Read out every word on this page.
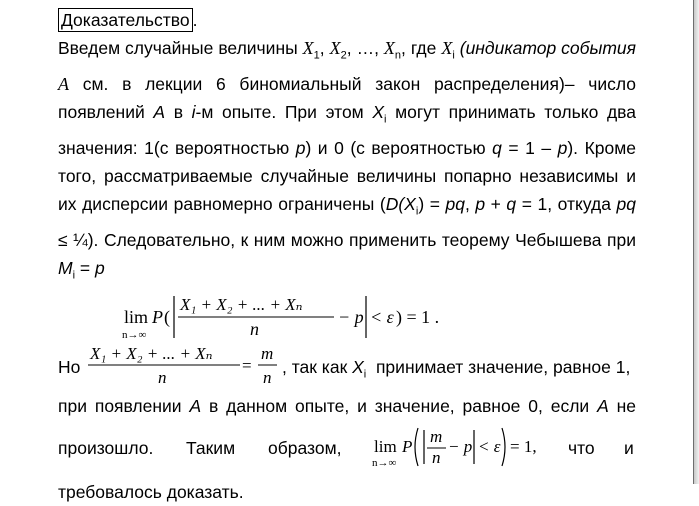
Доказательство .
Введем случайные величины $X_1$, $X_2$, …, $X_n$, где $X_i$ (индикатор события A см. в лекции 6 биномиальный закон распределения)– число появлений A в i-м опыте. При этом $X_i$ могут принимать только два значения: 1(с вероятностью p) и 0 (с вероятностью q = 1 – p). Кроме того, рассматриваемые случайные величины попарно независимы и их дисперсии равномерно ограничены ($D(X_i)$ = pq, p + q = 1, откуда pq ≤ ¼). Следовательно, к ним можно применить теорему Чебышева при $M_i = p$
lim
n→∞
P (
X₁ + X₂ + ... + Xₙ
n
− p < ε ) = 1 .
Но
X₁ + X₂ + ... + Xₙ
n
=
m
n
, так как $X_i$  принимает значение, равное 1,
при появлении A в данном опыте, и значение, равное 0, если A не
произошло. Таким образом, lim
n→∞
P
m
n
− p < ε = 1, что и
требовалось доказать.
